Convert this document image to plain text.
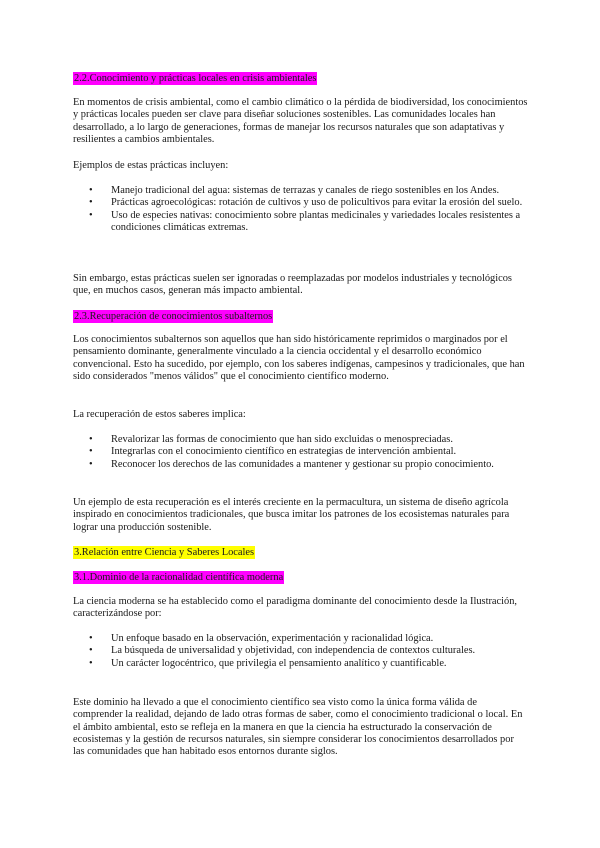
2.2.Conocimiento y prácticas locales en crisis ambientales

En momentos de crisis ambiental, como el cambio climático o la pérdida de biodiversidad, los conocimientos y prácticas locales pueden ser clave para diseñar soluciones sostenibles. Las comunidades locales han desarrollado, a lo largo de generaciones, formas de manejar los recursos naturales que son adaptativas y resilientes a cambios ambientales.

Ejemplos de estas prácticas incluyen:

• Manejo tradicional del agua: sistemas de terrazas y canales de riego sostenibles en los Andes.
• Prácticas agroecológicas: rotación de cultivos y uso de policultivos para evitar la erosión del suelo.
• Uso de especies nativas: conocimiento sobre plantas medicinales y variedades locales resistentes a condiciones climáticas extremas.

Sin embargo, estas prácticas suelen ser ignoradas o reemplazadas por modelos industriales y tecnológicos que, en muchos casos, generan más impacto ambiental.

2.3.Recuperación de conocimientos subalternos

Los conocimientos subalternos son aquellos que han sido históricamente reprimidos o marginados por el pensamiento dominante, generalmente vinculado a la ciencia occidental y el desarrollo económico convencional. Esto ha sucedido, por ejemplo, con los saberes indígenas, campesinos y tradicionales, que han sido considerados "menos válidos" que el conocimiento científico moderno.

La recuperación de estos saberes implica:

• Revalorizar las formas de conocimiento que han sido excluidas o menospreciadas.
• Integrarlas con el conocimiento científico en estrategias de intervención ambiental.
• Reconocer los derechos de las comunidades a mantener y gestionar su propio conocimiento.

Un ejemplo de esta recuperación es el interés creciente en la permacultura, un sistema de diseño agrícola inspirado en conocimientos tradicionales, que busca imitar los patrones de los ecosistemas naturales para lograr una producción sostenible.

3.Relación entre Ciencia y Saberes Locales
3.1.Dominio de la racionalidad científica moderna

La ciencia moderna se ha establecido como el paradigma dominante del conocimiento desde la Ilustración, caracterizándose por:

• Un enfoque basado en la observación, experimentación y racionalidad lógica.
• La búsqueda de universalidad y objetividad, con independencia de contextos culturales.
• Un carácter logocéntrico, que privilegia el pensamiento analítico y cuantificable.

Este dominio ha llevado a que el conocimiento científico sea visto como la única forma válida de comprender la realidad, dejando de lado otras formas de saber, como el conocimiento tradicional o local. En el ámbito ambiental, esto se refleja en la manera en que la ciencia ha estructurado la conservación de ecosistemas y la gestión de recursos naturales, sin siempre considerar los conocimientos desarrollados por las comunidades que han habitado esos entornos durante siglos.
